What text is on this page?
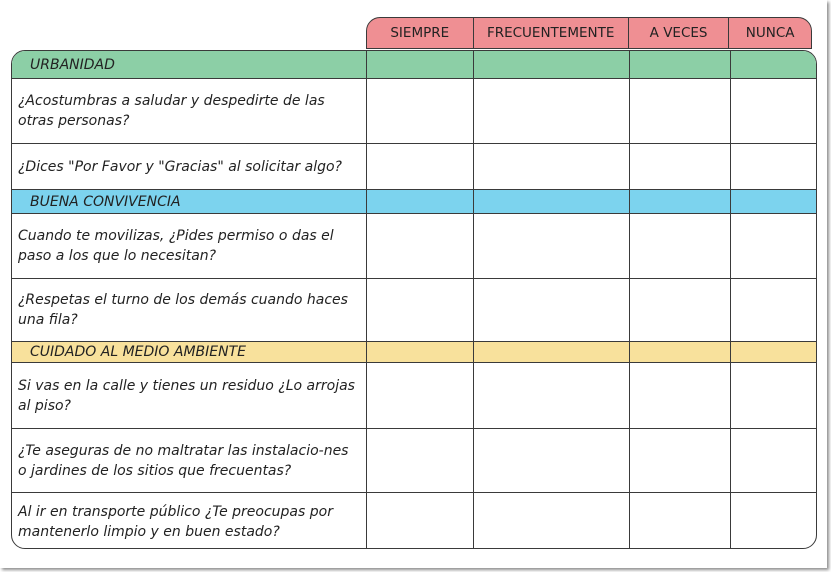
SIEMPRE	FRECUENTEMENTE	A VECES	NUNCA
URBANIDAD
¿Acostumbras a saludar y despedirte de las otras personas?
¿Dices "Por Favor y "Gracias" al solicitar algo?
BUENA CONVIVENCIA
Cuando te movilizas, ¿Pides permiso o das el paso a los que lo necesitan?
¿Respetas el turno de los demás cuando haces una fila?
CUIDADO AL MEDIO AMBIENTE
Si vas en la calle y tienes un residuo ¿Lo arrojas al piso?
¿Te aseguras de no maltratar las instalacio-nes o jardines de los sitios que frecuentas?
Al ir en transporte público ¿Te preocupas por mantenerlo limpio y en buen estado?
